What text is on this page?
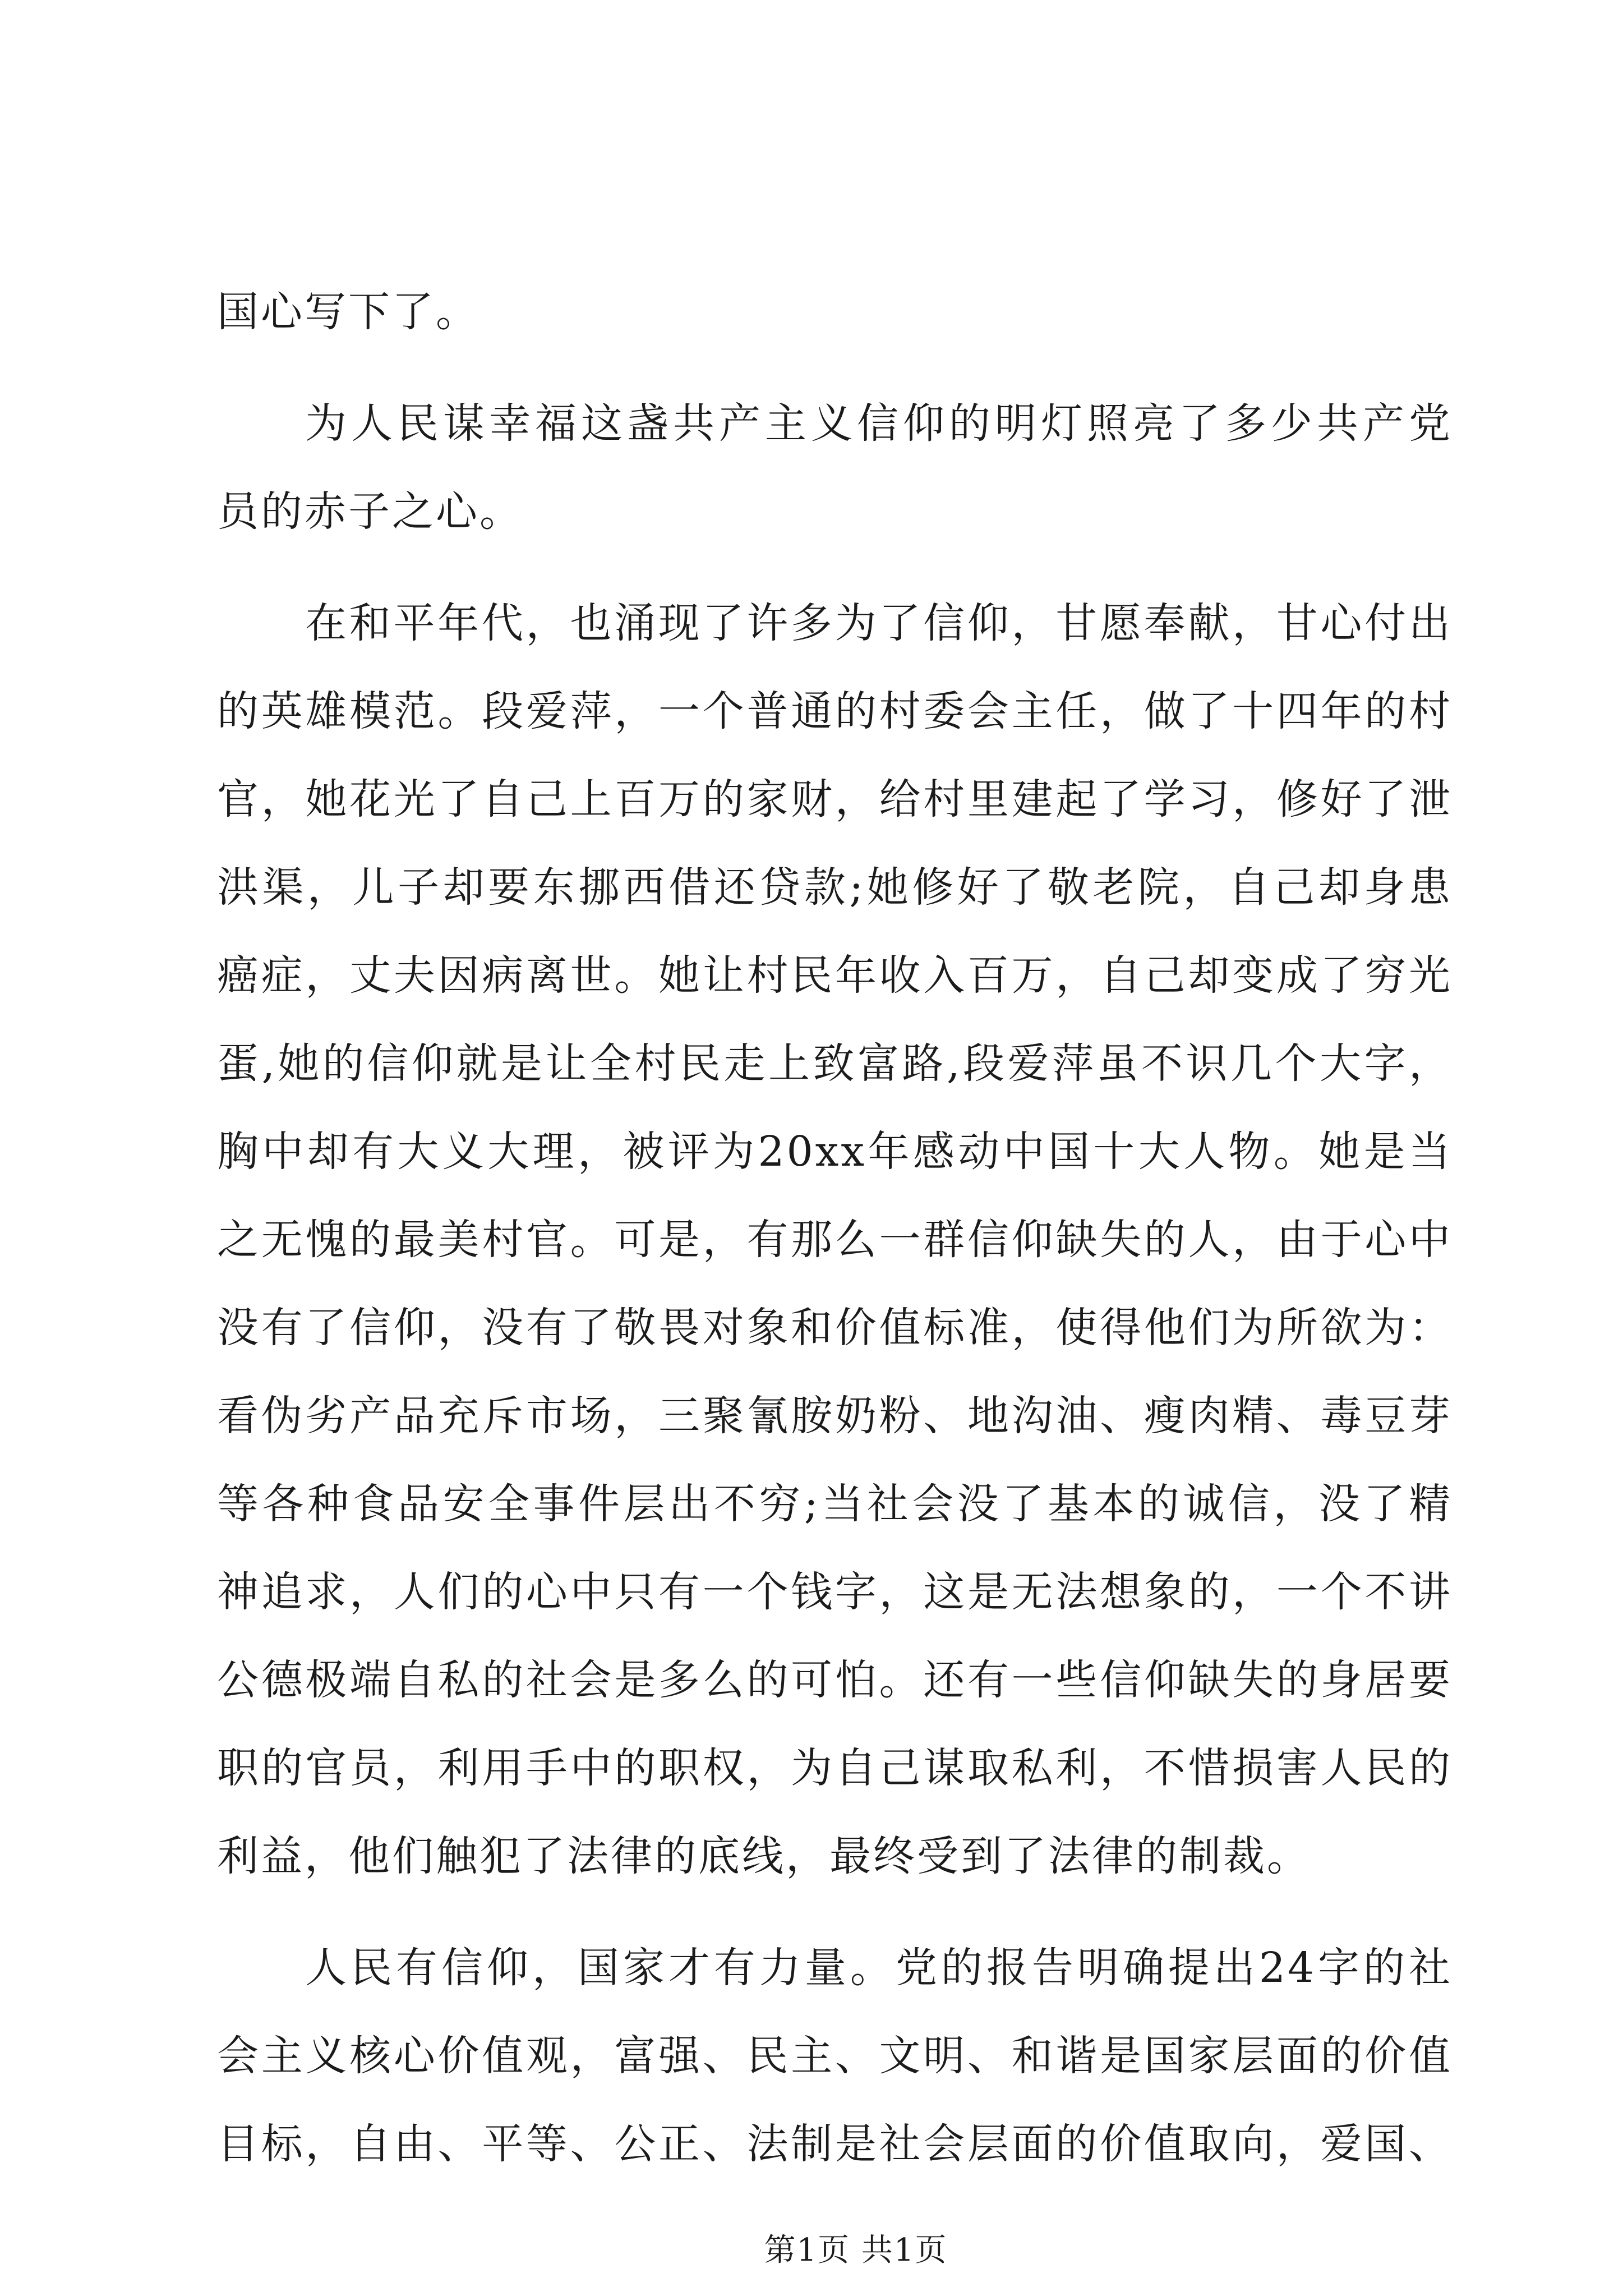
国心写下了。

为人民谋幸福这盏共产主义信仰的明灯照亮了多少共产党
员的赤子之心。

在和平年代，也涌现了许多为了信仰，甘愿奉献，甘心付出
的英雄模范。段爱萍，一个普通的村委会主任，做了十四年的村
官，她花光了自己上百万的家财，给村里建起了学习，修好了泄
洪渠，儿子却要东挪西借还贷款;她修好了敬老院，自己却身患
癌症，丈夫因病离世。她让村民年收入百万，自己却变成了穷光
蛋,她的信仰就是让全村民走上致富路,段爱萍虽不识几个大字，
胸中却有大义大理，被评为20xx年感动中国十大人物。她是当
之无愧的最美村官。可是，有那么一群信仰缺失的人，由于心中
没有了信仰，没有了敬畏对象和价值标准，使得他们为所欲为：
看伪劣产品充斥市场，三聚氰胺奶粉、地沟油、瘦肉精、毒豆芽
等各种食品安全事件层出不穷;当社会没了基本的诚信，没了精
神追求，人们的心中只有一个钱字，这是无法想象的，一个不讲
公德极端自私的社会是多么的可怕。还有一些信仰缺失的身居要
职的官员，利用手中的职权，为自己谋取私利，不惜损害人民的
利益，他们触犯了法律的底线，最终受到了法律的制裁。

人民有信仰，国家才有力量。党的报告明确提出24字的社
会主义核心价值观，富强、民主、文明、和谐是国家层面的价值
目标，自由、平等、公正、法制是社会层面的价值取向，爱国、

第1页 共1页
